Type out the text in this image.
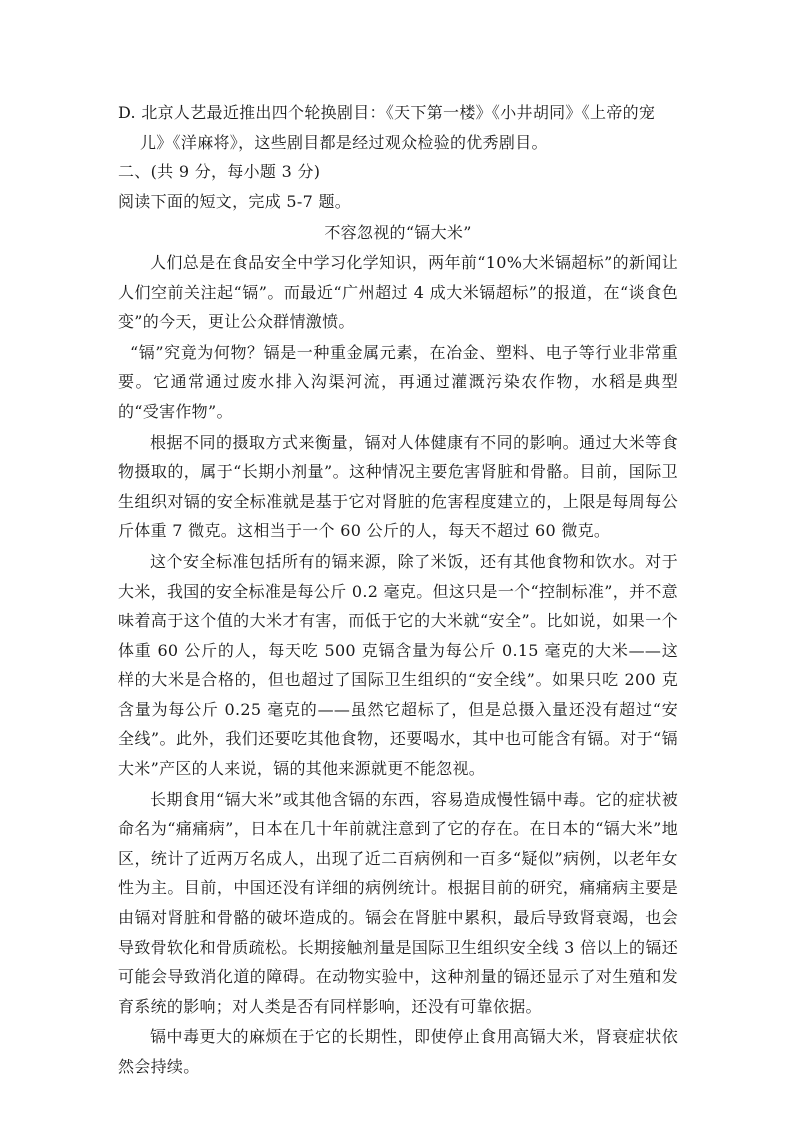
D. 北京人艺最近推出四个轮换剧目：《天下第一楼》《小井胡同》《上帝的宠
儿》《洋麻将》，这些剧目都是经过观众检验的优秀剧目。
二、(共 9 分，每小题 3 分)
阅读下面的短文，完成 5-7 题。
不容忽视的“镉大米”

人们总是在食品安全中学习化学知识，两年前“10%大米镉超标”的新闻让人们空前关注起“镉”。而最近“广州超过 4 成大米镉超标”的报道，在“谈食色变”的今天，更让公众群情激愤。

“镉”究竟为何物？镉是一种重金属元素，在冶金、塑料、电子等行业非常重要。它通常通过废水排入沟渠河流，再通过灌溉污染农作物，水稻是典型的“受害作物”。

根据不同的摄取方式来衡量，镉对人体健康有不同的影响。通过大米等食物摄取的，属于“长期小剂量”。这种情况主要危害肾脏和骨骼。目前，国际卫生组织对镉的安全标准就是基于它对肾脏的危害程度建立的，上限是每周每公斤体重 7 微克。这相当于一个 60 公斤的人，每天不超过 60 微克。

这个安全标准包括所有的镉来源，除了米饭，还有其他食物和饮水。对于大米，我国的安全标准是每公斤 0.2 毫克。但这只是一个“控制标准”，并不意味着高于这个值的大米才有害，而低于它的大米就“安全”。比如说，如果一个体重 60 公斤的人，每天吃 500 克镉含量为每公斤 0.15 毫克的大米——这样的大米是合格的，但也超过了国际卫生组织的“安全线”。如果只吃 200 克含量为每公斤 0.25 毫克的——虽然它超标了，但是总摄入量还没有超过“安全线”。此外，我们还要吃其他食物，还要喝水，其中也可能含有镉。对于“镉大米”产区的人来说，镉的其他来源就更不能忽视。

长期食用“镉大米”或其他含镉的东西，容易造成慢性镉中毒。它的症状被命名为“痛痛病”，日本在几十年前就注意到了它的存在。在日本的“镉大米”地区，统计了近两万名成人，出现了近二百病例和一百多“疑似”病例，以老年女性为主。目前，中国还没有详细的病例统计。根据目前的研究，痛痛病主要是由镉对肾脏和骨骼的破坏造成的。镉会在肾脏中累积，最后导致肾衰竭，也会导致骨软化和骨质疏松。长期接触剂量是国际卫生组织安全线 3 倍以上的镉还可能会导致消化道的障碍。在动物实验中，这种剂量的镉还显示了对生殖和发育系统的影响；对人类是否有同样影响，还没有可靠依据。

镉中毒更大的麻烦在于它的长期性，即使停止食用高镉大米，肾衰症状依然会持续。
